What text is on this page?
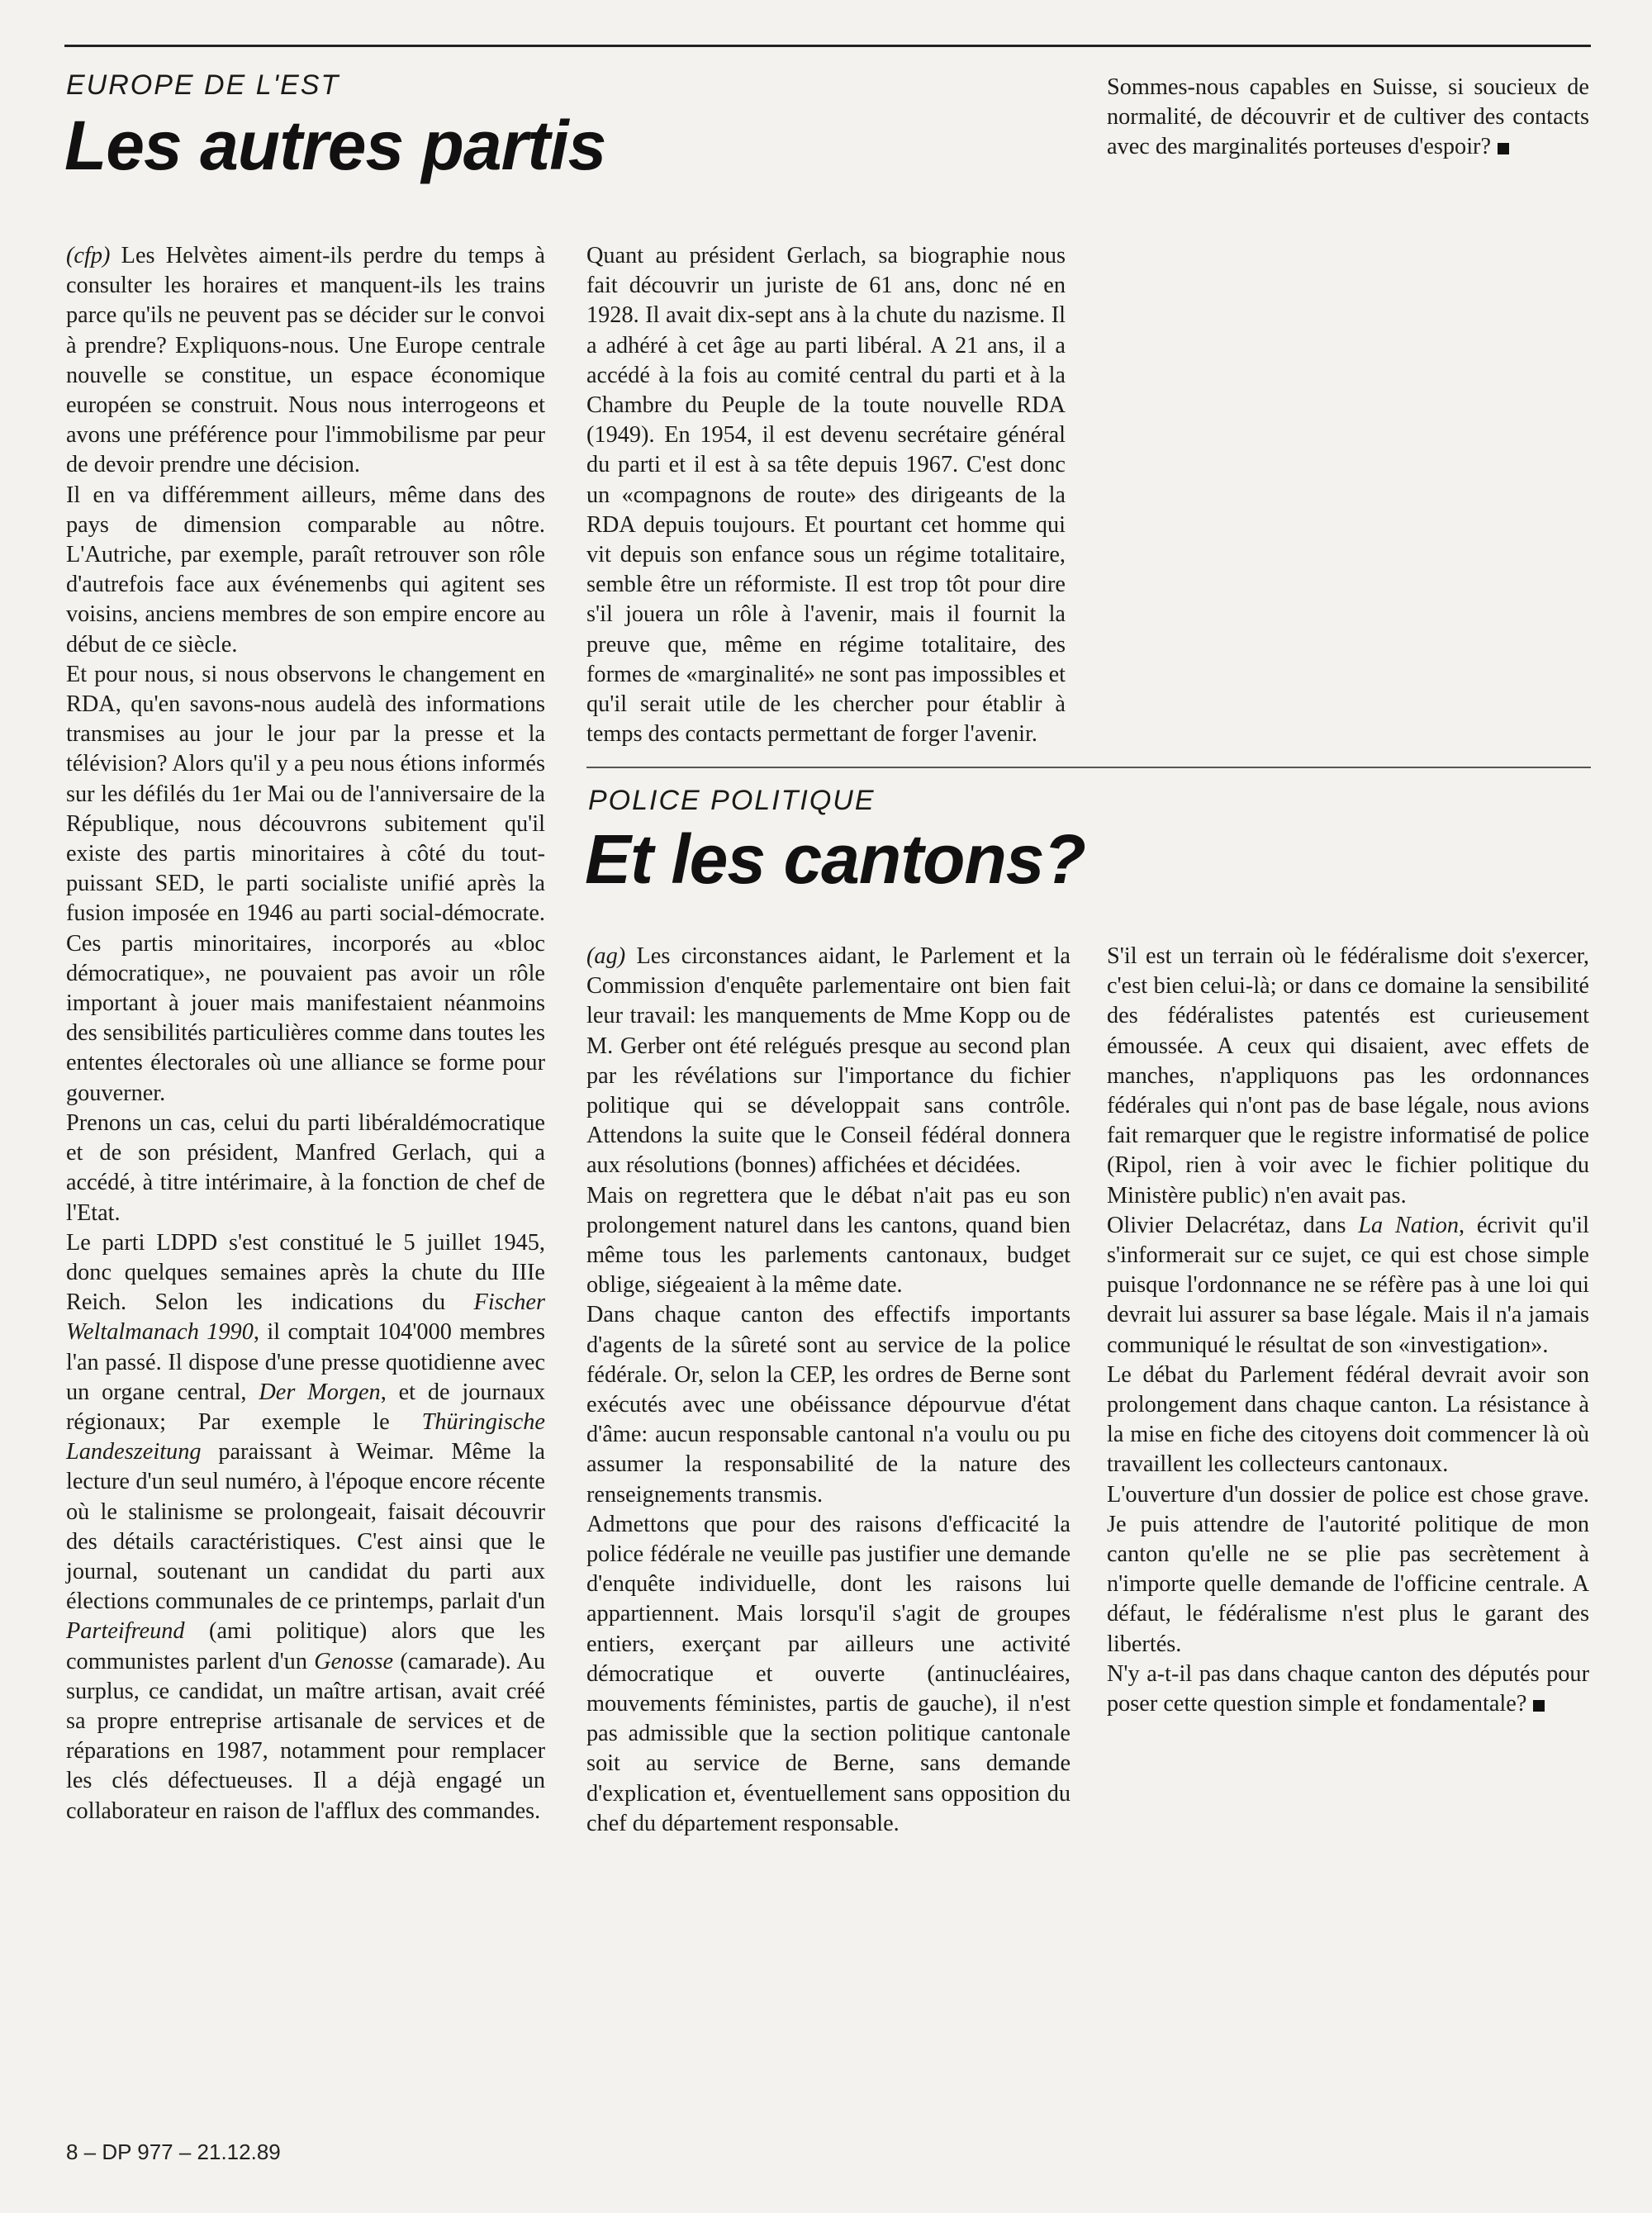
EUROPE DE L'EST
Les autres partis

(cfp) Les Helvètes aiment-ils perdre du temps à consulter les horaires et manquent-ils les trains parce qu'ils ne peuvent pas se décider sur le convoi à prendre? Expliquons-nous. Une Europe centrale nouvelle se constitue, un espace économique européen se construit. Nous nous interrogeons et avons une préférence pour l'immobilisme par peur de devoir prendre une décision.

Il en va différemment ailleurs, même dans des pays de dimension comparable au nôtre. L'Autriche, par exemple, paraît retrouver son rôle d'autrefois face aux événemenbs qui agitent ses voisins, anciens membres de son empire encore au début de ce siècle.

Et pour nous, si nous observons le changement en RDA, qu'en savons-nous audelà des informations transmises au jour le jour par la presse et la télévision? Alors qu'il y a peu nous étions informés sur les défilés du 1er Mai ou de l'anniversaire de la République, nous découvrons subitement qu'il existe des partis minoritaires à côté du tout-puissant SED, le parti socialiste unifié après la fusion imposée en 1946 au parti social-démocrate. Ces partis minoritaires, incorporés au «bloc démocratique», ne pouvaient pas avoir un rôle important à jouer mais manifestaient néanmoins des sensibilités particulières comme dans toutes les ententes électorales où une alliance se forme pour gouverner.

Prenons un cas, celui du parti libéraldémocratique et de son président, Manfred Gerlach, qui a accédé, à titre intérimaire, à la fonction de chef de l'Etat.

Le parti LDPD s'est constitué le 5 juillet 1945, donc quelques semaines après la chute du IIIe Reich. Selon les indications du Fischer Weltalmanach 1990, il comptait 104'000 membres l'an passé. Il dispose d'une presse quotidienne avec un organe central, Der Morgen, et de journaux régionaux; Par exemple le Thüringische Landeszeitung paraissant à Weimar. Même la lecture d'un seul numéro, à l'époque encore récente où le stalinisme se prolongeait, faisait découvrir des détails caractéristiques. C'est ainsi que le journal, soutenant un candidat du parti aux élections communales de ce printemps, parlait d'un Parteifreund (ami politique) alors que les communistes parlent d'un Genosse (camarade). Au surplus, ce candidat, un maître artisan, avait créé sa propre entreprise artisanale de services et de réparations en 1987, notamment pour remplacer les clés défectueuses. Il a déjà engagé un collaborateur en raison de l'afflux des commandes.

Quant au président Gerlach, sa biographie nous fait découvrir un juriste de 61 ans, donc né en 1928. Il avait dix-sept ans à la chute du nazisme. Il a adhéré à cet âge au parti libéral. A 21 ans, il a accédé à la fois au comité central du parti et à la Chambre du Peuple de la toute nouvelle RDA (1949). En 1954, il est devenu secrétaire général du parti et il est à sa tête depuis 1967. C'est donc un «compagnons de route» des dirigeants de la RDA depuis toujours. Et pourtant cet homme qui vit depuis son enfance sous un régime totalitaire, semble être un réformiste. Il est trop tôt pour dire s'il jouera un rôle à l'avenir, mais il fournit la preuve que, même en régime totalitaire, des formes de «marginalité» ne sont pas impossibles et qu'il serait utile de les chercher pour établir à temps des contacts permettant de forger l'avenir.

Sommes-nous capables en Suisse, si soucieux de normalité, de découvrir et de cultiver des contacts avec des marginalités porteuses d'espoir?

POLICE POLITIQUE
Et les cantons?

(ag) Les circonstances aidant, le Parlement et la Commission d'enquête parlementaire ont bien fait leur travail: les manquements de Mme Kopp ou de M. Gerber ont été relégués presque au second plan par les révélations sur l'importance du fichier politique qui se développait sans contrôle. Attendons la suite que le Conseil fédéral donnera aux résolutions (bonnes) affichées et décidées.

Mais on regrettera que le débat n'ait pas eu son prolongement naturel dans les cantons, quand bien même tous les parlements cantonaux, budget oblige, siégeaient à la même date.

Dans chaque canton des effectifs importants d'agents de la sûreté sont au service de la police fédérale. Or, selon la CEP, les ordres de Berne sont exécutés avec une obéissance dépourvue d'état d'âme: aucun responsable cantonal n'a voulu ou pu assumer la responsabilité de la nature des renseignements transmis.

Admettons que pour des raisons d'efficacité la police fédérale ne veuille pas justifier une demande d'enquête individuelle, dont les raisons lui appartiennent. Mais lorsqu'il s'agit de groupes entiers, exerçant par ailleurs une activité démocratique et ouverte (antinucléaires, mouvements féministes, partis de gauche), il n'est pas admissible que la section politique cantonale soit au service de Berne, sans demande d'explication et, éventuellement sans opposition du chef du département responsable.

S'il est un terrain où le fédéralisme doit s'exercer, c'est bien celui-là; or dans ce domaine la sensibilité des fédéralistes patentés est curieusement émoussée. A ceux qui disaient, avec effets de manches, n'appliquons pas les ordonnances fédérales qui n'ont pas de base légale, nous avions fait remarquer que le registre informatisé de police (Ripol, rien à voir avec le fichier politique du Ministère public) n'en avait pas.

Olivier Delacrétaz, dans La Nation, écrivit qu'il s'informerait sur ce sujet, ce qui est chose simple puisque l'ordonnance ne se réfère pas à une loi qui devrait lui assurer sa base légale. Mais il n'a jamais communiqué le résultat de son «investigation».

Le débat du Parlement fédéral devrait avoir son prolongement dans chaque canton. La résistance à la mise en fiche des citoyens doit commencer là où travaillent les collecteurs cantonaux.

L'ouverture d'un dossier de police est chose grave. Je puis attendre de l'autorité politique de mon canton qu'elle ne se plie pas secrètement à n'importe quelle demande de l'officine centrale. A défaut, le fédéralisme n'est plus le garant des libertés.

N'y a-t-il pas dans chaque canton des députés pour poser cette question simple et fondamentale?

8 – DP 977 – 21.12.89
